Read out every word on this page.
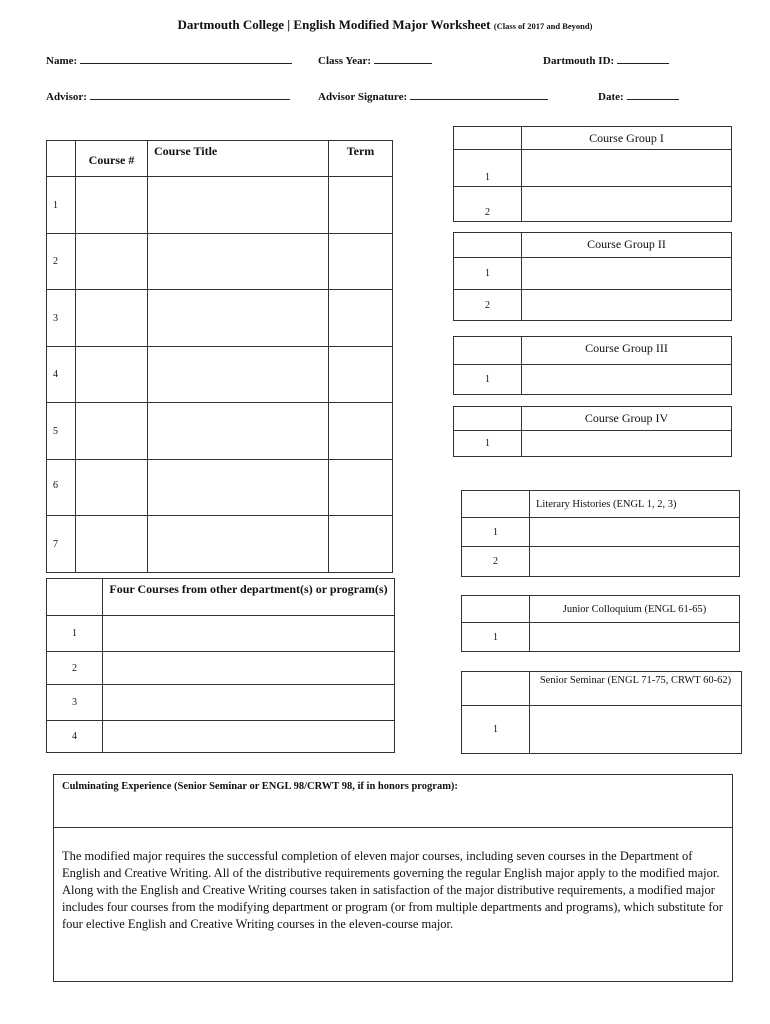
Dartmouth College | English Modified Major Worksheet (Class of 2017 and Beyond)
Name:	Class Year:	Dartmouth ID:
Advisor:	Advisor Signature:	Date:
	Course #	Course Title	Term
1			
2			
3			
4			
5			
6			
7			
	Four Courses from other department(s) or program(s)
1	
2	
3	
4	
	Course Group I
1	
2	
	Course Group II
1	
2	
	Course Group III
1	
	Course Group IV
1	
	Literary Histories (ENGL 1, 2, 3)
1	
2	
	Junior Colloquium (ENGL 61-65)
1	
	Senior Seminar (ENGL 71-75, CRWT 60-62)
1	
Culminating Experience (Senior Seminar or ENGL 98/CRWT 98, if in honors program):
The modified major requires the successful completion of eleven major courses, including seven courses in the Department of English and Creative Writing. All of the distributive requirements governing the regular English major apply to the modified major. Along with the English and Creative Writing courses taken in satisfaction of the major distributive requirements, a modified major includes four courses from the modifying department or program (or from multiple departments and programs), which substitute for four elective English and Creative Writing courses in the eleven-course major.
